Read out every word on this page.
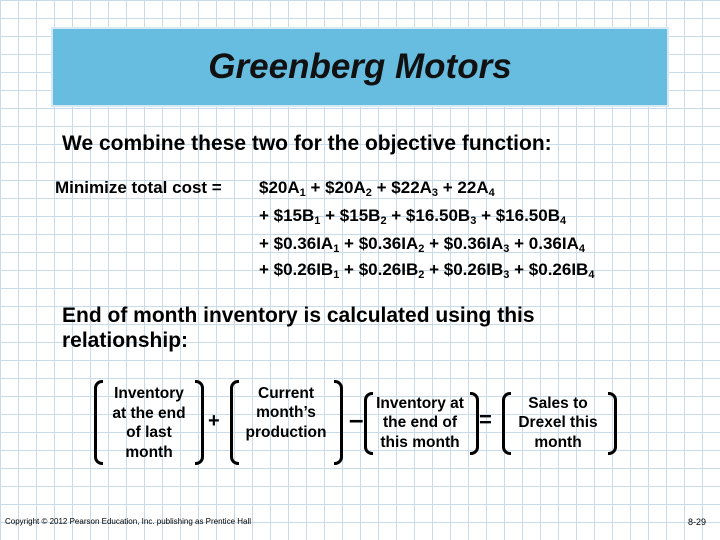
Greenberg Motors
We combine these two for the objective function:
Minimize total $\cos t = \$20A_1$ + $\$20A_2$ + $\$22A_3 + 22A_4$
+ $\$15B_1$ + $\$15B_2$ + $\$16.50B_3$ + $\$16.50B_4$
+ $\$0.36IA_1$ + $\$0.36IA_2$ + $\$0.36IA_3 + 0.36IA_4$
+ $\$0.26IB_1$ + $\$0.26IB_2$ + $\$0.26IB_3$ + $\$0.26IB_4$
End of month inventory is calculated using this relationship:
Inventory
at the end
of last
month
+
Current
month’s
production –
Inventory at
the end of
this month
=
Sales to
Drexel this
month
Copyright © 2012 Pearson Education, Inc. publishing as Prentice Hall	8-29
